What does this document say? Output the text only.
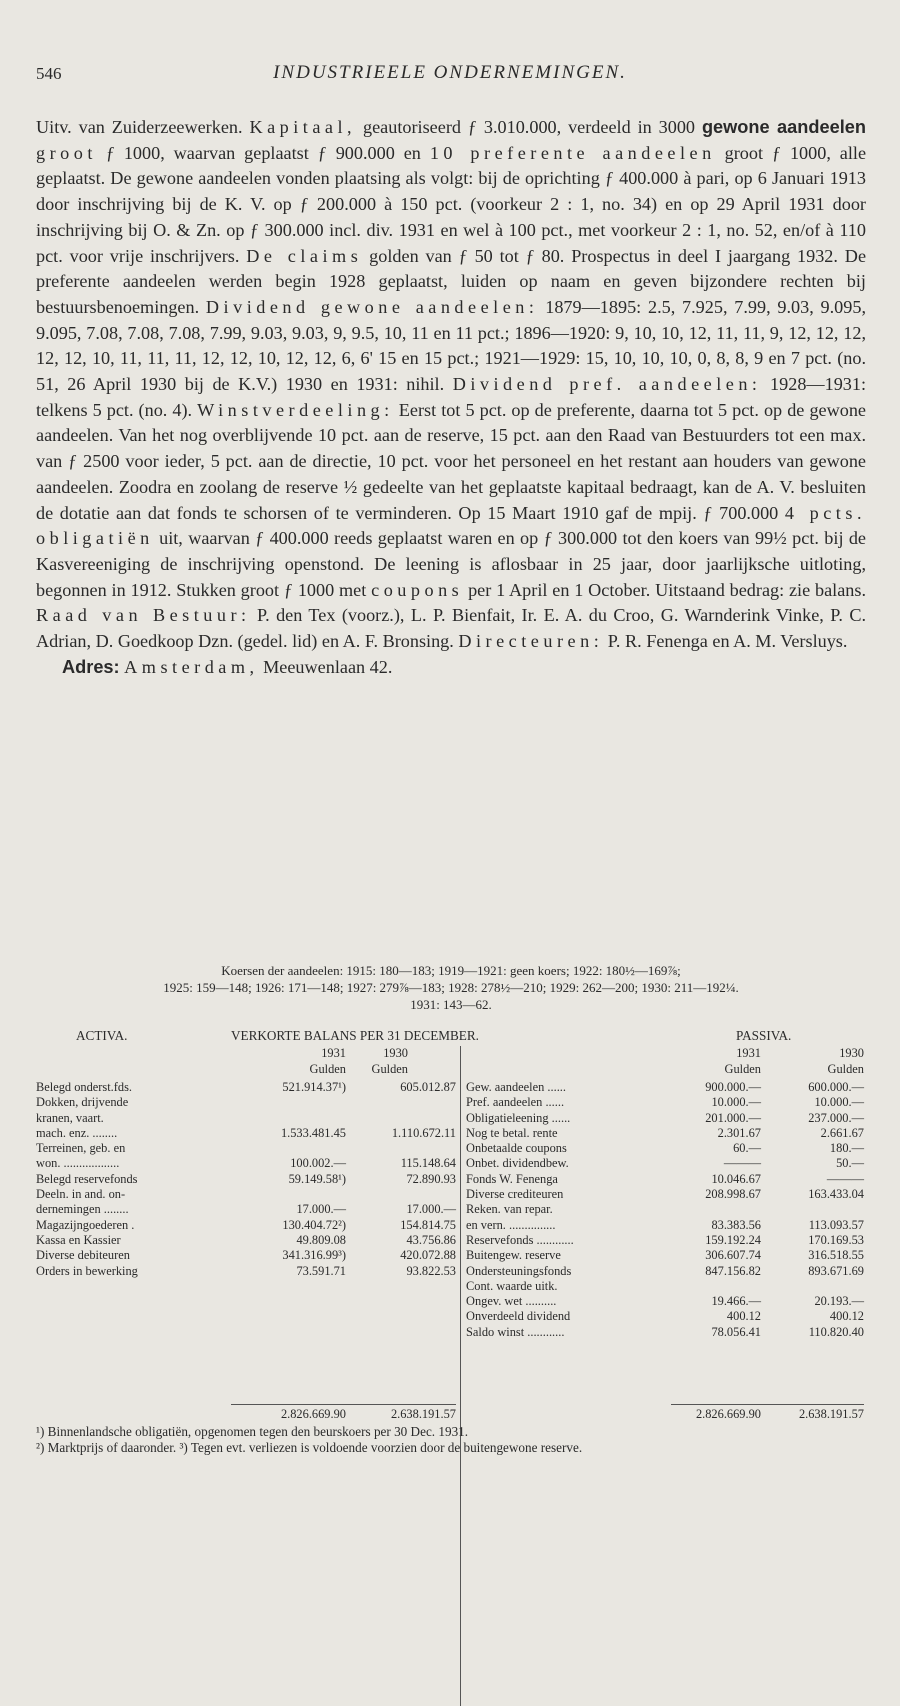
546	INDUSTRIEELE ONDERNEMINGEN.

Uitv. van Zuiderzeewerken. Kapitaal, geautoriseerd ƒ 3.010.000, verdeeld in 3000 gewone aandeelen groot ƒ 1000, waarvan geplaatst ƒ 900.000 en 10 preferente aandeelen groot ƒ 1000, alle geplaatst. De gewone aandeelen vonden plaatsing als volgt: bij de oprichting ƒ 400.000 à pari, op 6 Januari 1913 door inschrijving bij de K. V. op ƒ 200.000 à 150 pct. (voorkeur 2 : 1, no. 34) en op 29 April 1931 door inschrijving bij O. & Zn. op ƒ 300.000 incl. div. 1931 en wel à 100 pct., met voorkeur 2 : 1, no. 52, en/of à 110 pct. voor vrije inschrijvers. De claims golden van ƒ 50 tot ƒ 80. Prospectus in deel I jaargang 1932. De preferente aandeelen werden begin 1928 geplaatst, luiden op naam en geven bijzondere rechten bij bestuursbenoemingen. Dividend gewone aandeelen: 1879—1895: 2.5, 7.925, 7.99, 9.03, 9.095, 9.095, 7.08, 7.08, 7.08, 7.99, 9.03, 9.03, 9, 9.5, 10, 11 en 11 pct.; 1896—1920: 9, 10, 10, 12, 11, 11, 9, 12, 12, 12, 12, 12, 10, 11, 11, 11, 12, 12, 10, 12, 12, 6, 6' 15 en 15 pct.; 1921—1929: 15, 10, 10, 10, 0, 8, 8, 9 en 7 pct. (no. 51, 26 April 1930 bij de K.V.) 1930 en 1931: nihil. Dividend pref. aandeelen: 1928—1931: telkens 5 pct. (no. 4). Winstverdeeling: Eerst tot 5 pct. op de preferente, daarna tot 5 pct. op de gewone aandeelen. Van het nog overblijvende 10 pct. aan de reserve, 15 pct. aan den Raad van Bestuurders tot een max. van ƒ 2500 voor ieder, 5 pct. aan de directie, 10 pct. voor het personeel en het restant aan houders van gewone aandeelen. Zoodra en zoolang de reserve ½ gedeelte van het geplaatste kapitaal bedraagt, kan de A. V. besluiten de dotatie aan dat fonds te schorsen of te verminderen. Op 15 Maart 1910 gaf de mpij. ƒ 700.000 4 pcts. obligatiën uit, waarvan ƒ 400.000 reeds geplaatst waren en op ƒ 300.000 tot den koers van 99½ pct. bij de Kasvereeniging de inschrijving openstond. De leening is aflosbaar in 25 jaar, door jaarlijksche uitloting, begonnen in 1912. Stukken groot ƒ 1000 met coupons per 1 April en 1 October. Uitstaand bedrag: zie balans. Raad van Bestuur: P. den Tex (voorz.), L. P. Bienfait, Ir. E. A. du Croo, G. Warnderink Vinke, P. C. Adrian, D. Goedkoop Dzn. (gedel. lid) en A. F. Bronsing. Directeuren: P. R. Fenenga en A. M. Versluys.

Adres: Amsterdam, Meeuwenlaan 42.

Koersen der aandeelen: 1915: 180—183; 1919—1921: geen koers; 1922: 180½—169⅞;

1925: 159—148; 1926: 171—148; 1927: 279⅞—183; 1928: 278½—210; 1929: 262—200; 1930: 211—192¼.

1931: 143—62.

ACTIVA.	VERKORTE BALANS PER 31 DECEMBER.	PASSIVA.
1931	1930
Gulden	Gulden
1931	1930
Gulden	Gulden
Belegd onderst.fds.	521.914.37¹)	605.012.87
Dokken, drijvende
kranen, vaart.
mach. enz. ........	1.533.481.45	1.110.672.11
Terreinen, geb. en
won. ..................	100.002.—	115.148.64
Belegd reservefonds	59.149.58¹)	72.890.93
Deeln. in and. on-
dernemingen ........	17.000.—	17.000.—
Magazijngoederen .	130.404.72²)	154.814.75
Kassa en Kassier	49.809.08	43.756.86
Diverse debiteuren	341.316.99³)	420.072.88
Orders in bewerking	73.591.71	93.822.53
Gew. aandeelen ......	900.000.—	600.000.—
Pref. aandeelen ......	10.000.—	10.000.—
Obligatieleening ......	201.000.—	237.000.—
Nog te betal. rente	2.301.67	2.661.67
Onbetaalde coupons	60.—	180.—
Onbet. dividendbew.	———	50.—
Fonds W. Fenenga	10.046.67	———
Diverse crediteuren	208.998.67	163.433.04
Reken. van repar.
en vern. ...............	83.383.56	113.093.57
Reservefonds ............	159.192.24	170.169.53
Buitengew. reserve	306.607.74	316.518.55
Ondersteuningsfonds	847.156.82	893.671.69
Cont. waarde uitk.
Ongev. wet ..........	19.466.—	20.193.—
Onverdeeld dividend	400.12	400.12
Saldo winst ............	78.056.41	110.820.40
2.826.669.90	2.638.191.57	2.826.669.90	2.638.191.57

¹) Binnenlandsche obligatiën, opgenomen tegen den beurskoers per 30 Dec. 1931.

²) Marktprijs of daaronder. ³) Tegen evt. verliezen is voldoende voorzien door de buitengewone reserve.
